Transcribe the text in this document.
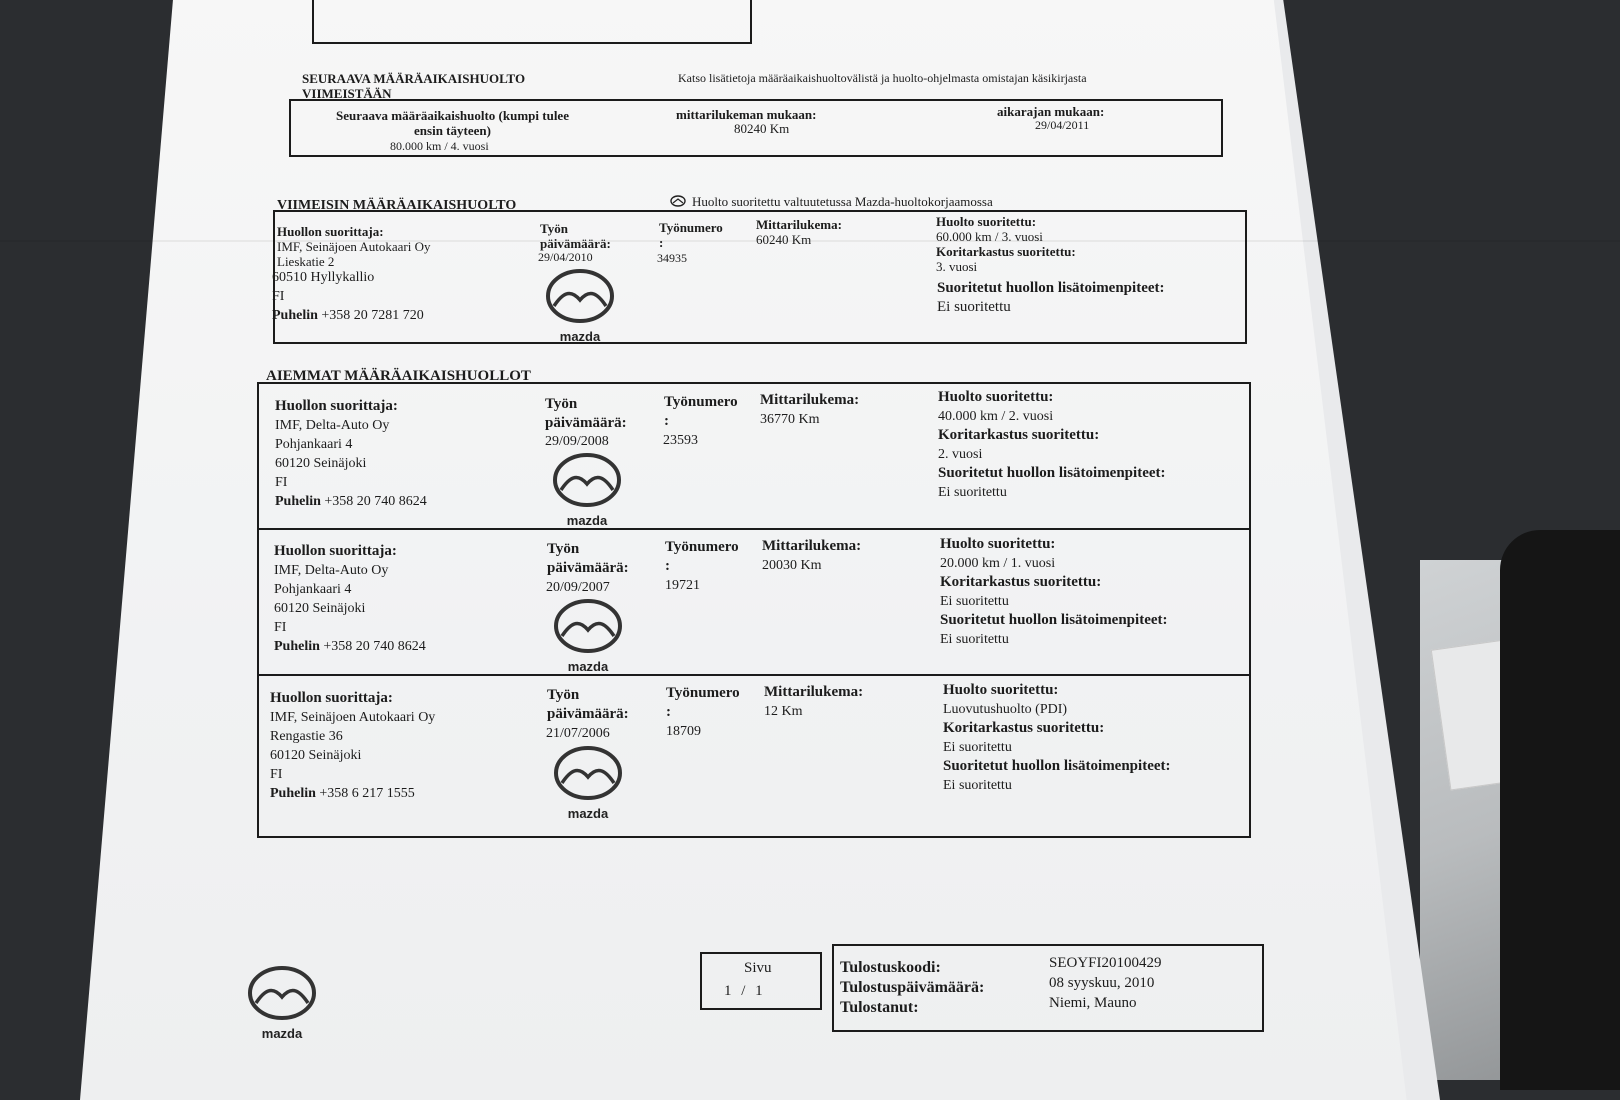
SEURAAVA MÄÄRÄAIKAISHUOLTO
VIIMEISTÄÄN
Katso lisätietoja määräaikaishuoltovälistä ja huolto-ohjelmasta omistajan käsikirjasta
Seuraava määräaikaishuolto (kumpi tulee
ensin täyteen)
80.000 km / 4. vuosi
mittarilukeman mukaan:
80240 Km
aikarajan mukaan:
29/04/2011
VIIMEISIN MÄÄRÄAIKAISHUOLTO	Huolto suoritettu valtuutetussa Mazda-huoltokorjaamossa
Huollon suorittaja:
IMF, Seinäjoen Autokaari Oy
Lieskatie 2
60510 Hyllykallio
FI
Puhelin +358 20 7281 720
Työn
päivämäärä:
29/04/2010
Työnumero
:
34935
Mittarilukema:
60240 Km
Huolto suoritettu:
60.000 km / 3. vuosi
Koritarkastus suoritettu:
3. vuosi
Suoritetut huollon lisätoimenpiteet:
Ei suoritettu
mazda
AIEMMAT MÄÄRÄAIKAISHUOLLOT
Huollon suorittaja:
IMF, Delta-Auto Oy
Pohjankaari 4
60120 Seinäjoki
FI
Puhelin +358 20 740 8624
Työn
päivämäärä:
29/09/2008
Työnumero
:
23593
Mittarilukema:
36770 Km
Huolto suoritettu:
40.000 km / 2. vuosi
Koritarkastus suoritettu:
2. vuosi
Suoritetut huollon lisätoimenpiteet:
Ei suoritettu
mazda
Huollon suorittaja:
IMF, Delta-Auto Oy
Pohjankaari 4
60120 Seinäjoki
FI
Puhelin +358 20 740 8624
Työn
päivämäärä:
20/09/2007
Työnumero
:
19721
Mittarilukema:
20030 Km
Huolto suoritettu:
20.000 km / 1. vuosi
Koritarkastus suoritettu:
Ei suoritettu
Suoritetut huollon lisätoimenpiteet:
Ei suoritettu
mazda
Huollon suorittaja:
IMF, Seinäjoen Autokaari Oy
Rengastie 36
60120 Seinäjoki
FI
Puhelin +358 6 217 1555
Työn
päivämäärä:
21/07/2006
Työnumero
:
18709
Mittarilukema:
12 Km
Huolto suoritettu:
Luovutushuolto (PDI)
Koritarkastus suoritettu:
Ei suoritettu
Suoritetut huollon lisätoimenpiteet:
Ei suoritettu
mazda
mazda
Sivu
1 / 1
Tulostuskoodi:
Tulostuspäivämäärä:
Tulostanut:
SEOYFI20100429
08 syyskuu, 2010
Niemi, Mauno
